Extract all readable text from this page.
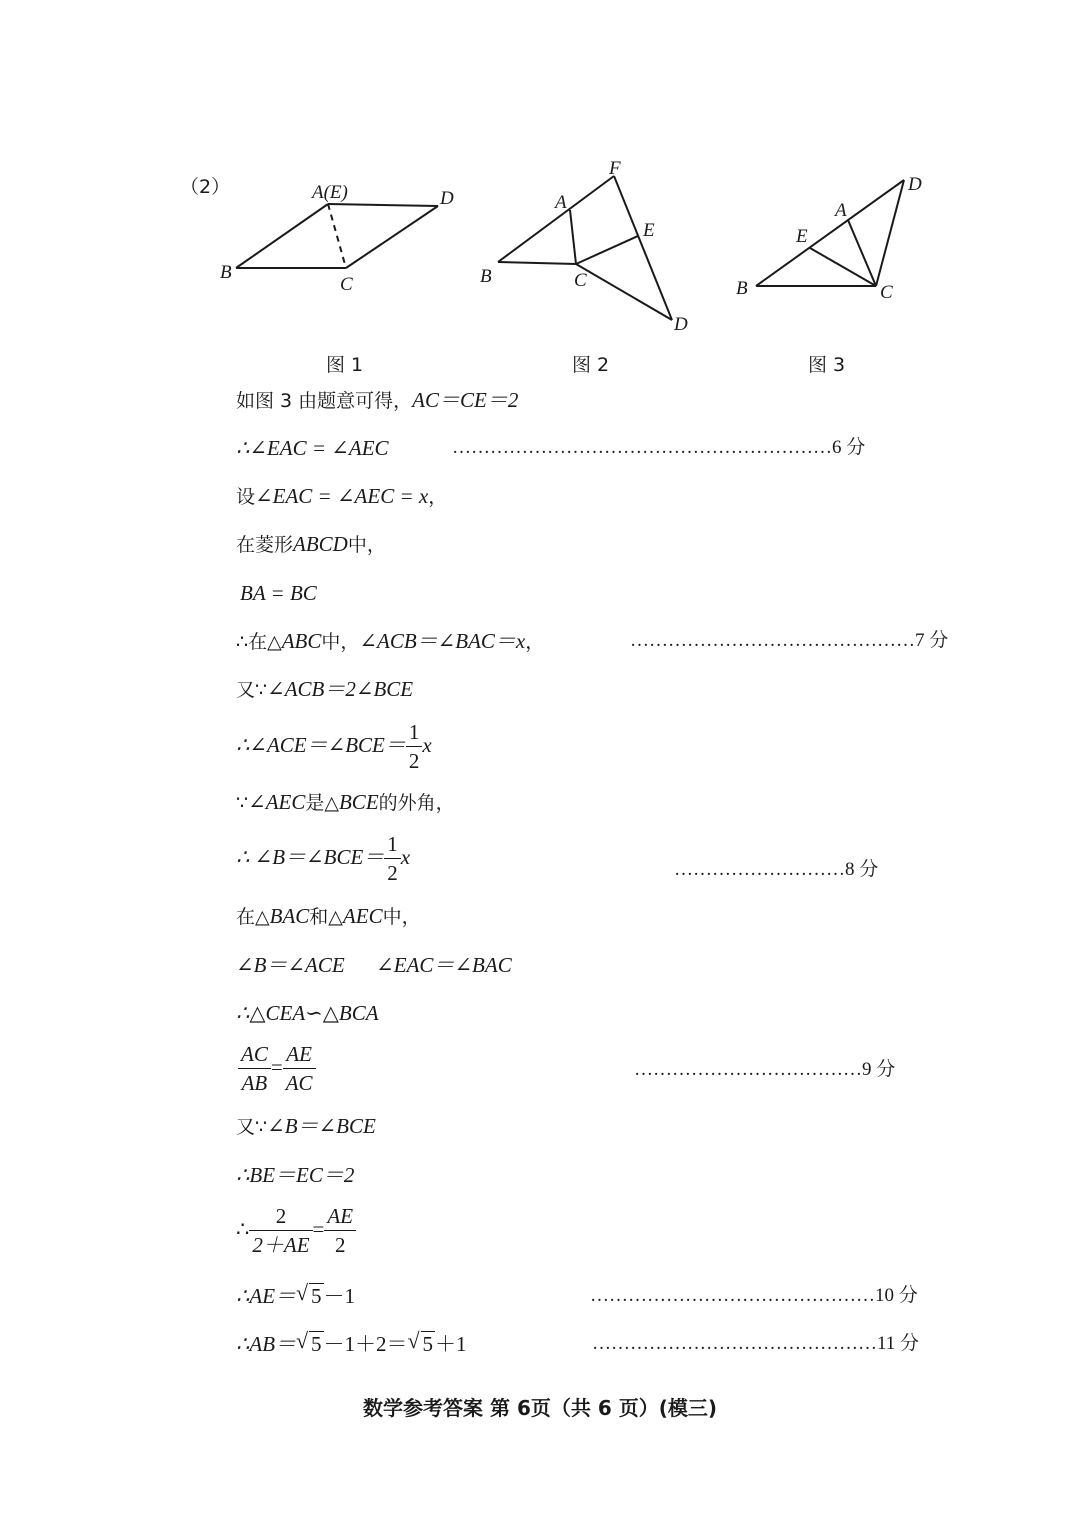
（2）	A(E)
B
C
D	A
B	C
D
E
F
A
B	C
D
E
图 1	图 2	图 3
如图 3 由题意可得，AC＝CE＝2
∴∠EAC = ∠AEC	……………………………………………………6 分
设∠EAC = ∠AEC = x，
在菱形ABCD中，
BA = BC
∴在△ABC中，∠ACB＝∠BAC＝x，	………………………………………7 分
又∵∠ACB＝2∠BCE
∴∠ACE＝∠BCE＝ $\frac{1}{2}$ x
∵∠AEC是△BCE的外角，
∴ ∠B＝∠BCE＝ $\frac{1}{2}$ x
………………………8 分
在△BAC和△AEC中，
∠B＝∠ACE      ∠EAC＝∠BAC
∴△CEA∽△BCA
$\frac{AC}{AB} = \frac{AE}{AC}$	………………………………9 分
又∵∠B＝∠BCE
∴BE＝EC＝2
∴ $\frac{2}{2+AE} = \frac{AE}{2}$
∴AE＝ √ 5－1	………………………………………10 分
∴AB＝ √ 5－1＋2＝ √ 5＋1	………………………………………11 分
数学参考答案 第 6页（共 6 页）(模三)
